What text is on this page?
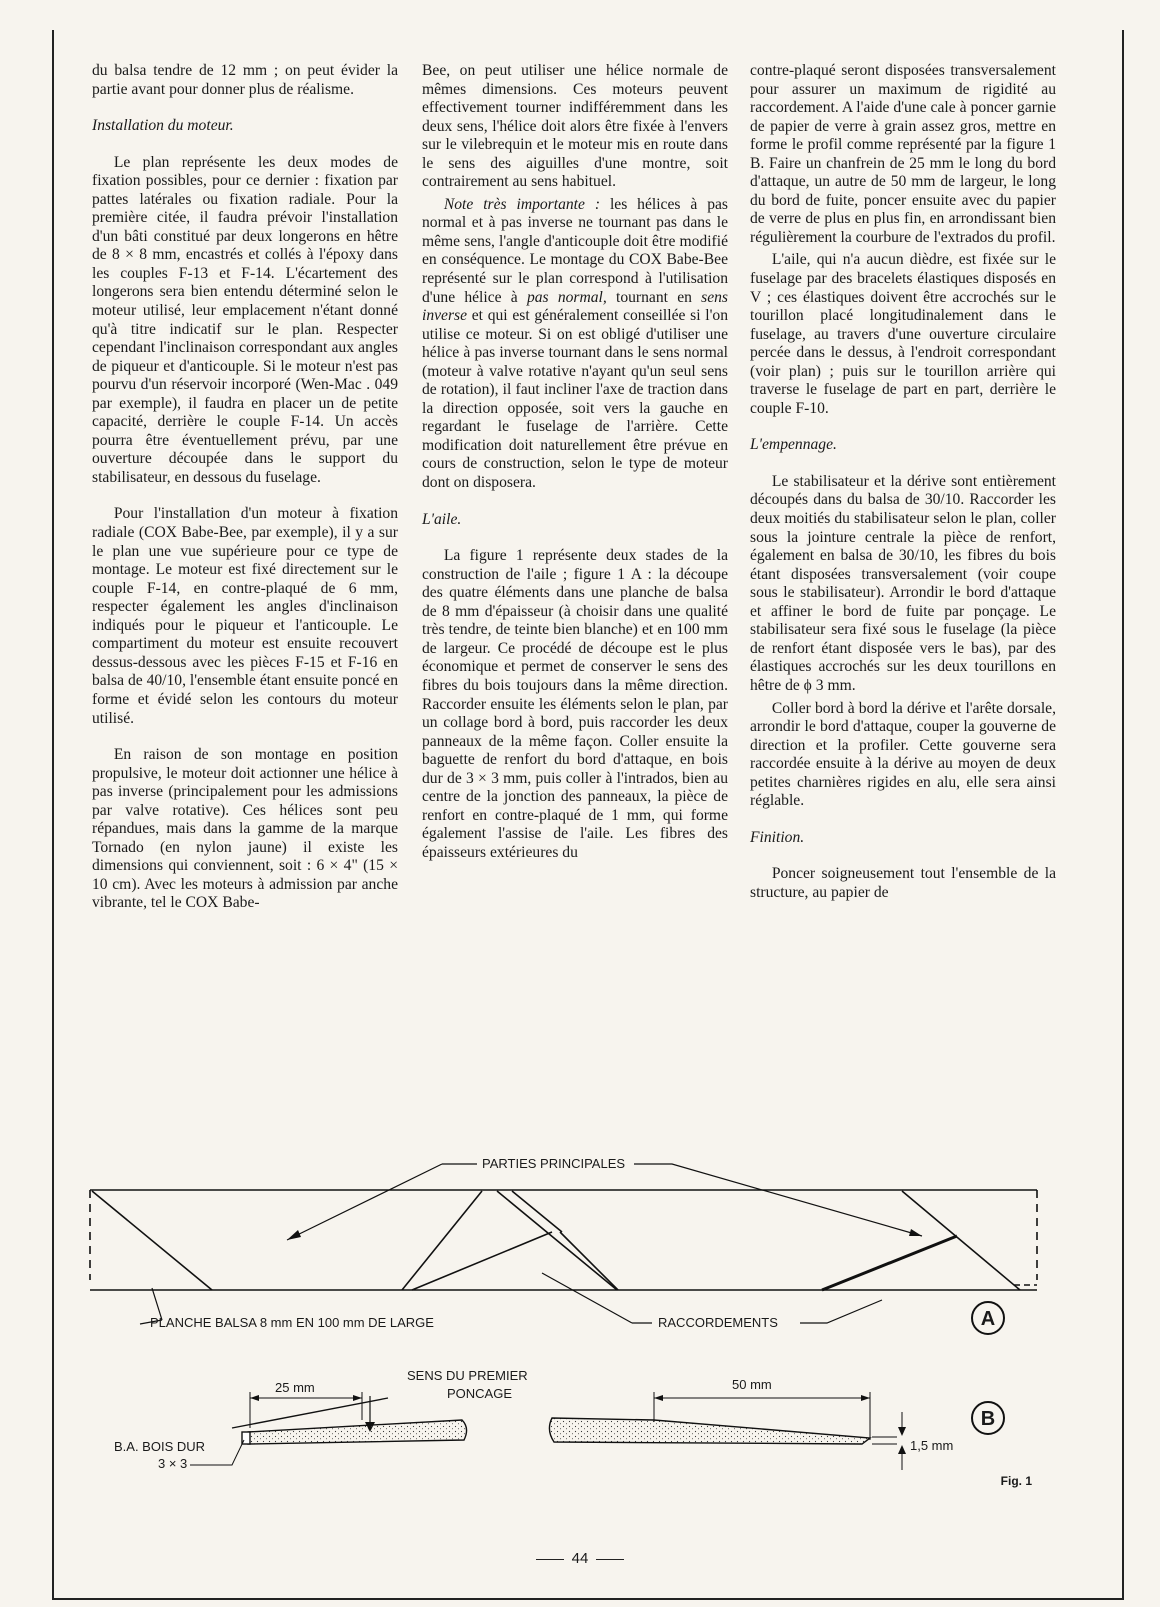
du balsa tendre de 12 mm ; on peut évider la partie avant pour donner plus de réalisme.

Installation du moteur.

Le plan représente les deux modes de fixation possibles, pour ce dernier : fixation par pattes latérales ou fixation radiale. Pour la première citée, il faudra prévoir l'installation d'un bâti constitué par deux longerons en hêtre de 8 × 8 mm, encastrés et collés à l'époxy dans les couples F-13 et F-14. L'écartement des longerons sera bien entendu déterminé selon le moteur utilisé, leur emplacement n'étant donné qu'à titre indicatif sur le plan. Respecter cependant l'inclinaison correspondant aux angles de piqueur et d'anticouple. Si le moteur n'est pas pourvu d'un réservoir incorporé (Wen-Mac . 049 par exemple), il faudra en placer un de petite capacité, derrière le couple F-14. Un accès pourra être éventuellement prévu, par une ouverture découpée dans le support du stabilisateur, en dessous du fuselage.

Pour l'installation d'un moteur à fixation radiale (COX Babe-Bee, par exemple), il y a sur le plan une vue supérieure pour ce type de montage. Le moteur est fixé directement sur le couple F-14, en contre-plaqué de 6 mm, respecter également les angles d'inclinaison indiqués pour le piqueur et l'anticouple. Le compartiment du moteur est ensuite recouvert dessus-dessous avec les pièces F-15 et F-16 en balsa de 40/10, l'ensemble étant ensuite poncé en forme et évidé selon les contours du moteur utilisé.

En raison de son montage en position propulsive, le moteur doit actionner une hélice à pas inverse (principalement pour les admissions par valve rotative). Ces hélices sont peu répandues, mais dans la gamme de la marque Tornado (en nylon jaune) il existe les dimensions qui conviennent, soit : 6 × 4" (15 × 10 cm). Avec les moteurs à admission par anche vibrante, tel le COX Babe-

Bee, on peut utiliser une hélice normale de mêmes dimensions. Ces moteurs peuvent effectivement tourner indifféremment dans les deux sens, l'hélice doit alors être fixée à l'envers sur le vilebrequin et le moteur mis en route dans le sens des aiguilles d'une montre, soit contrairement au sens habituel.

Note très importante : les hélices à pas normal et à pas inverse ne tournant pas dans le même sens, l'angle d'anticouple doit être modifié en conséquence. Le montage du COX Babe-Bee représenté sur le plan correspond à l'utilisation d'une hélice à pas normal, tournant en sens inverse et qui est généralement conseillée si l'on utilise ce moteur. Si on est obligé d'utiliser une hélice à pas inverse tournant dans le sens normal (moteur à valve rotative n'ayant qu'un seul sens de rotation), il faut incliner l'axe de traction dans la direction opposée, soit vers la gauche en regardant le fuselage de l'arrière. Cette modification doit naturellement être prévue en cours de construction, selon le type de moteur dont on disposera.

L'aile.

La figure 1 représente deux stades de la construction de l'aile ; figure 1 A : la découpe des quatre éléments dans une planche de balsa de 8 mm d'épaisseur (à choisir dans une qualité très tendre, de teinte bien blanche) et en 100 mm de largeur. Ce procédé de découpe est le plus économique et permet de conserver le sens des fibres du bois toujours dans la même direction. Raccorder ensuite les éléments selon le plan, par un collage bord à bord, puis raccorder les deux panneaux de la même façon. Coller ensuite la baguette de renfort du bord d'attaque, en bois dur de 3 × 3 mm, puis coller à l'intrados, bien au centre de la jonction des panneaux, la pièce de renfort en contre-plaqué de 1 mm, qui forme également l'assise de l'aile. Les fibres des épaisseurs extérieures du

contre-plaqué seront disposées transversalement pour assurer un maximum de rigidité au raccordement. A l'aide d'une cale à poncer garnie de papier de verre à grain assez gros, mettre en forme le profil comme représenté par la figure 1 B. Faire un chanfrein de 25 mm le long du bord d'attaque, un autre de 50 mm de largeur, le long du bord de fuite, poncer ensuite avec du papier de verre de plus en plus fin, en arrondissant bien régulièrement la courbure de l'extrados du profil.

L'aile, qui n'a aucun dièdre, est fixée sur le fuselage par des bracelets élastiques disposés en V ; ces élastiques doivent être accrochés sur le tourillon placé longitudinalement dans le fuselage, au travers d'une ouverture circulaire percée dans le dessus, à l'endroit correspondant (voir plan) ; puis sur le tourillon arrière qui traverse le fuselage de part en part, derrière le couple F-10.

L'empennage.

Le stabilisateur et la dérive sont entièrement découpés dans du balsa de 30/10. Raccorder les deux moitiés du stabilisateur selon le plan, coller sous la jointure centrale la pièce de renfort, également en balsa de 30/10, les fibres du bois étant disposées transversalement (voir coupe sous le stabilisateur). Arrondir le bord d'attaque et affiner le bord de fuite par ponçage. Le stabilisateur sera fixé sous le fuselage (la pièce de renfort étant disposée vers le bas), par des élastiques accrochés sur les deux tourillons en hêtre de ϕ 3 mm.

Coller bord à bord la dérive et l'arête dorsale, arrondir le bord d'attaque, couper la gouverne de direction et la profiler. Cette gouverne sera raccordée ensuite à la dérive au moyen de deux petites charnières rigides en alu, elle sera ainsi réglable.

Finition.

Poncer soigneusement tout l'ensemble de la structure, au papier de

PARTIES PRINCIPALES
PLANCHE BALSA 8 mm EN 100 mm DE LARGE	RACCORDEMENTS	A
SENS DU PREMIER
PONCAGE
25 mm
B.A. BOIS DUR
3 × 3
50 mm
1,5 mm
B
Fig. 1
44
